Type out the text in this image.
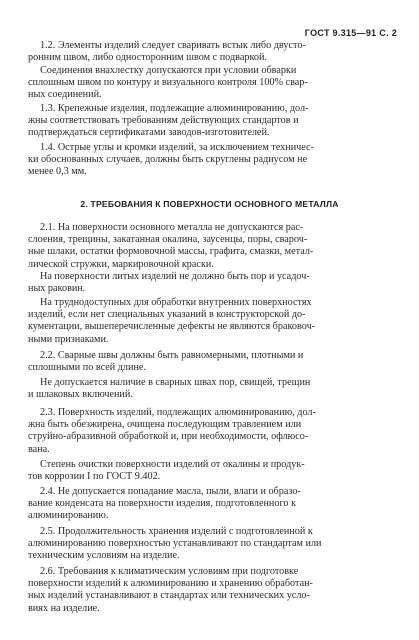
ГОСТ 9.315—91 С. 2

1.2. Элементы изделий следует сваривать встык либо двусто-
ронним швом, либо односторонним швом с подваркой.

Соединения внахлестку допускаются при условии обварки
сплошным швом по контуру и визуального контроля 100% свар-
ных соединений.

1.3. Крепежные изделия, подлежащие алюминированию, дол-
жны соответствовать требованиям действующих стандартов и
подтверждаться сертификатами заводов-изготовителей.

1.4. Острые углы и кромки изделий, за исключением техничес-
ки обоснованных случаев, должны быть скруглены радиусом не
менее 0,3 мм.

2. ТРЕБОВАНИЯ К ПОВЕРХНОСТИ ОСНОВНОГО МЕТАЛЛА

2.1. На поверхности основного металла не допускаются рас-
слоения, трещины, закатанная окалина, заусенцы, поры, свароч-
ные шлаки, остатки формовочной массы, графита, смазки, метал-
лической стружки, маркировочной краски.

На поверхности литых изделий не должно быть пор и усадоч-
ных раковин.

На труднодоступных для обработки внутренних поверхностях
изделий, если нет специальных указаний в конструкторской до-
кументации, вышеперечисленные дефекты не являются браковоч-
ными признаками.

2.2. Сварные швы должны быть равномерными, плотными и
сплошными по всей длине.

Не допускается наличие в сварных швах пор, свищей, трещин
и шлаковых включений.

2.3. Поверхность изделий, подлежащих алюминированию, дол-
жна быть обезжирена, очищена последующим травлением или
струйно-абразивной обработкой и, при необходимости, офлюсо-
вана.

Степень очистки поверхности изделий от окалины и продук-
тов коррозии I по ГОСТ 9.402.

2.4. Не допускается попадание масла, пыли, влаги и образо-
вание конденсата на поверхности изделия, подготовленного к
алюминированию.

2.5. Продолжительность хранения изделий с подготовленной к
алюминированию поверхностью устанавливают по стандартам или
техническим условиям на изделие.

2.6. Требования к климатическим условиям при подготовке
поверхности изделий к алюминированию и хранению обработан-
ных изделий устанавливают в стандартах или технических усло-
виях на изделие.
